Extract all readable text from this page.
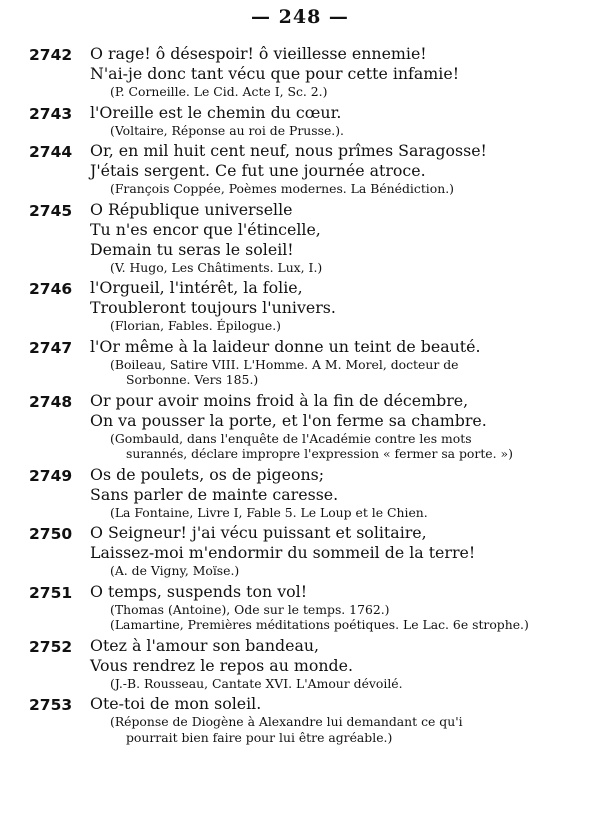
— 248 —
2742 O rage! ô désespoir! ô vieillesse ennemie!
N'ai-je donc tant vécu que pour cette infamie!
(P. Corneille. Le Cid. Acte I, Sc. 2.)
2743 l'Oreille est le chemin du cœur.
(Voltaire, Réponse au roi de Prusse.).
2744 Or, en mil huit cent neuf, nous prîmes Saragosse!
J'étais sergent. Ce fut une journée atroce.
(François Coppée, Poèmes modernes. La Bénédiction.)
2745 O République universelle
Tu n'es encor que l'étincelle,
Demain tu seras le soleil!
(V. Hugo, Les Châtiments. Lux, I.)
2746 l'Orgueil, l'intérêt, la folie,
Troubleront toujours l'univers.
(Florian, Fables. Épilogue.)
2747 l'Or même à la laideur donne un teint de beauté.
(Boileau, Satire VIII. L'Homme. A M. Morel, docteur de
Sorbonne. Vers 185.)
2748 Or pour avoir moins froid à la fin de décembre,
On va pousser la porte, et l'on ferme sa chambre.
(Gombauld, dans l'enquête de l'Académie contre les mots
surannés, déclare impropre l'expression « fermer sa porte. »)
2749 Os de poulets, os de pigeons;
Sans parler de mainte caresse.
(La Fontaine, Livre I, Fable 5. Le Loup et le Chien.
2750 O Seigneur! j'ai vécu puissant et solitaire,
Laissez-moi m'endormir du sommeil de la terre!
(A. de Vigny, Moïse.)
2751 O temps, suspends ton vol!
(Thomas (Antoine), Ode sur le temps. 1762.)
(Lamartine, Premières méditations poétiques. Le Lac. 6e strophe.)
2752 Otez à l'amour son bandeau,
Vous rendrez le repos au monde.
(J.-B. Rousseau, Cantate XVI. L'Amour dévoilé.
2753 Ote-toi de mon soleil.
(Réponse de Diogène à Alexandre lui demandant ce qu'i
pourrait bien faire pour lui être agréable.)
